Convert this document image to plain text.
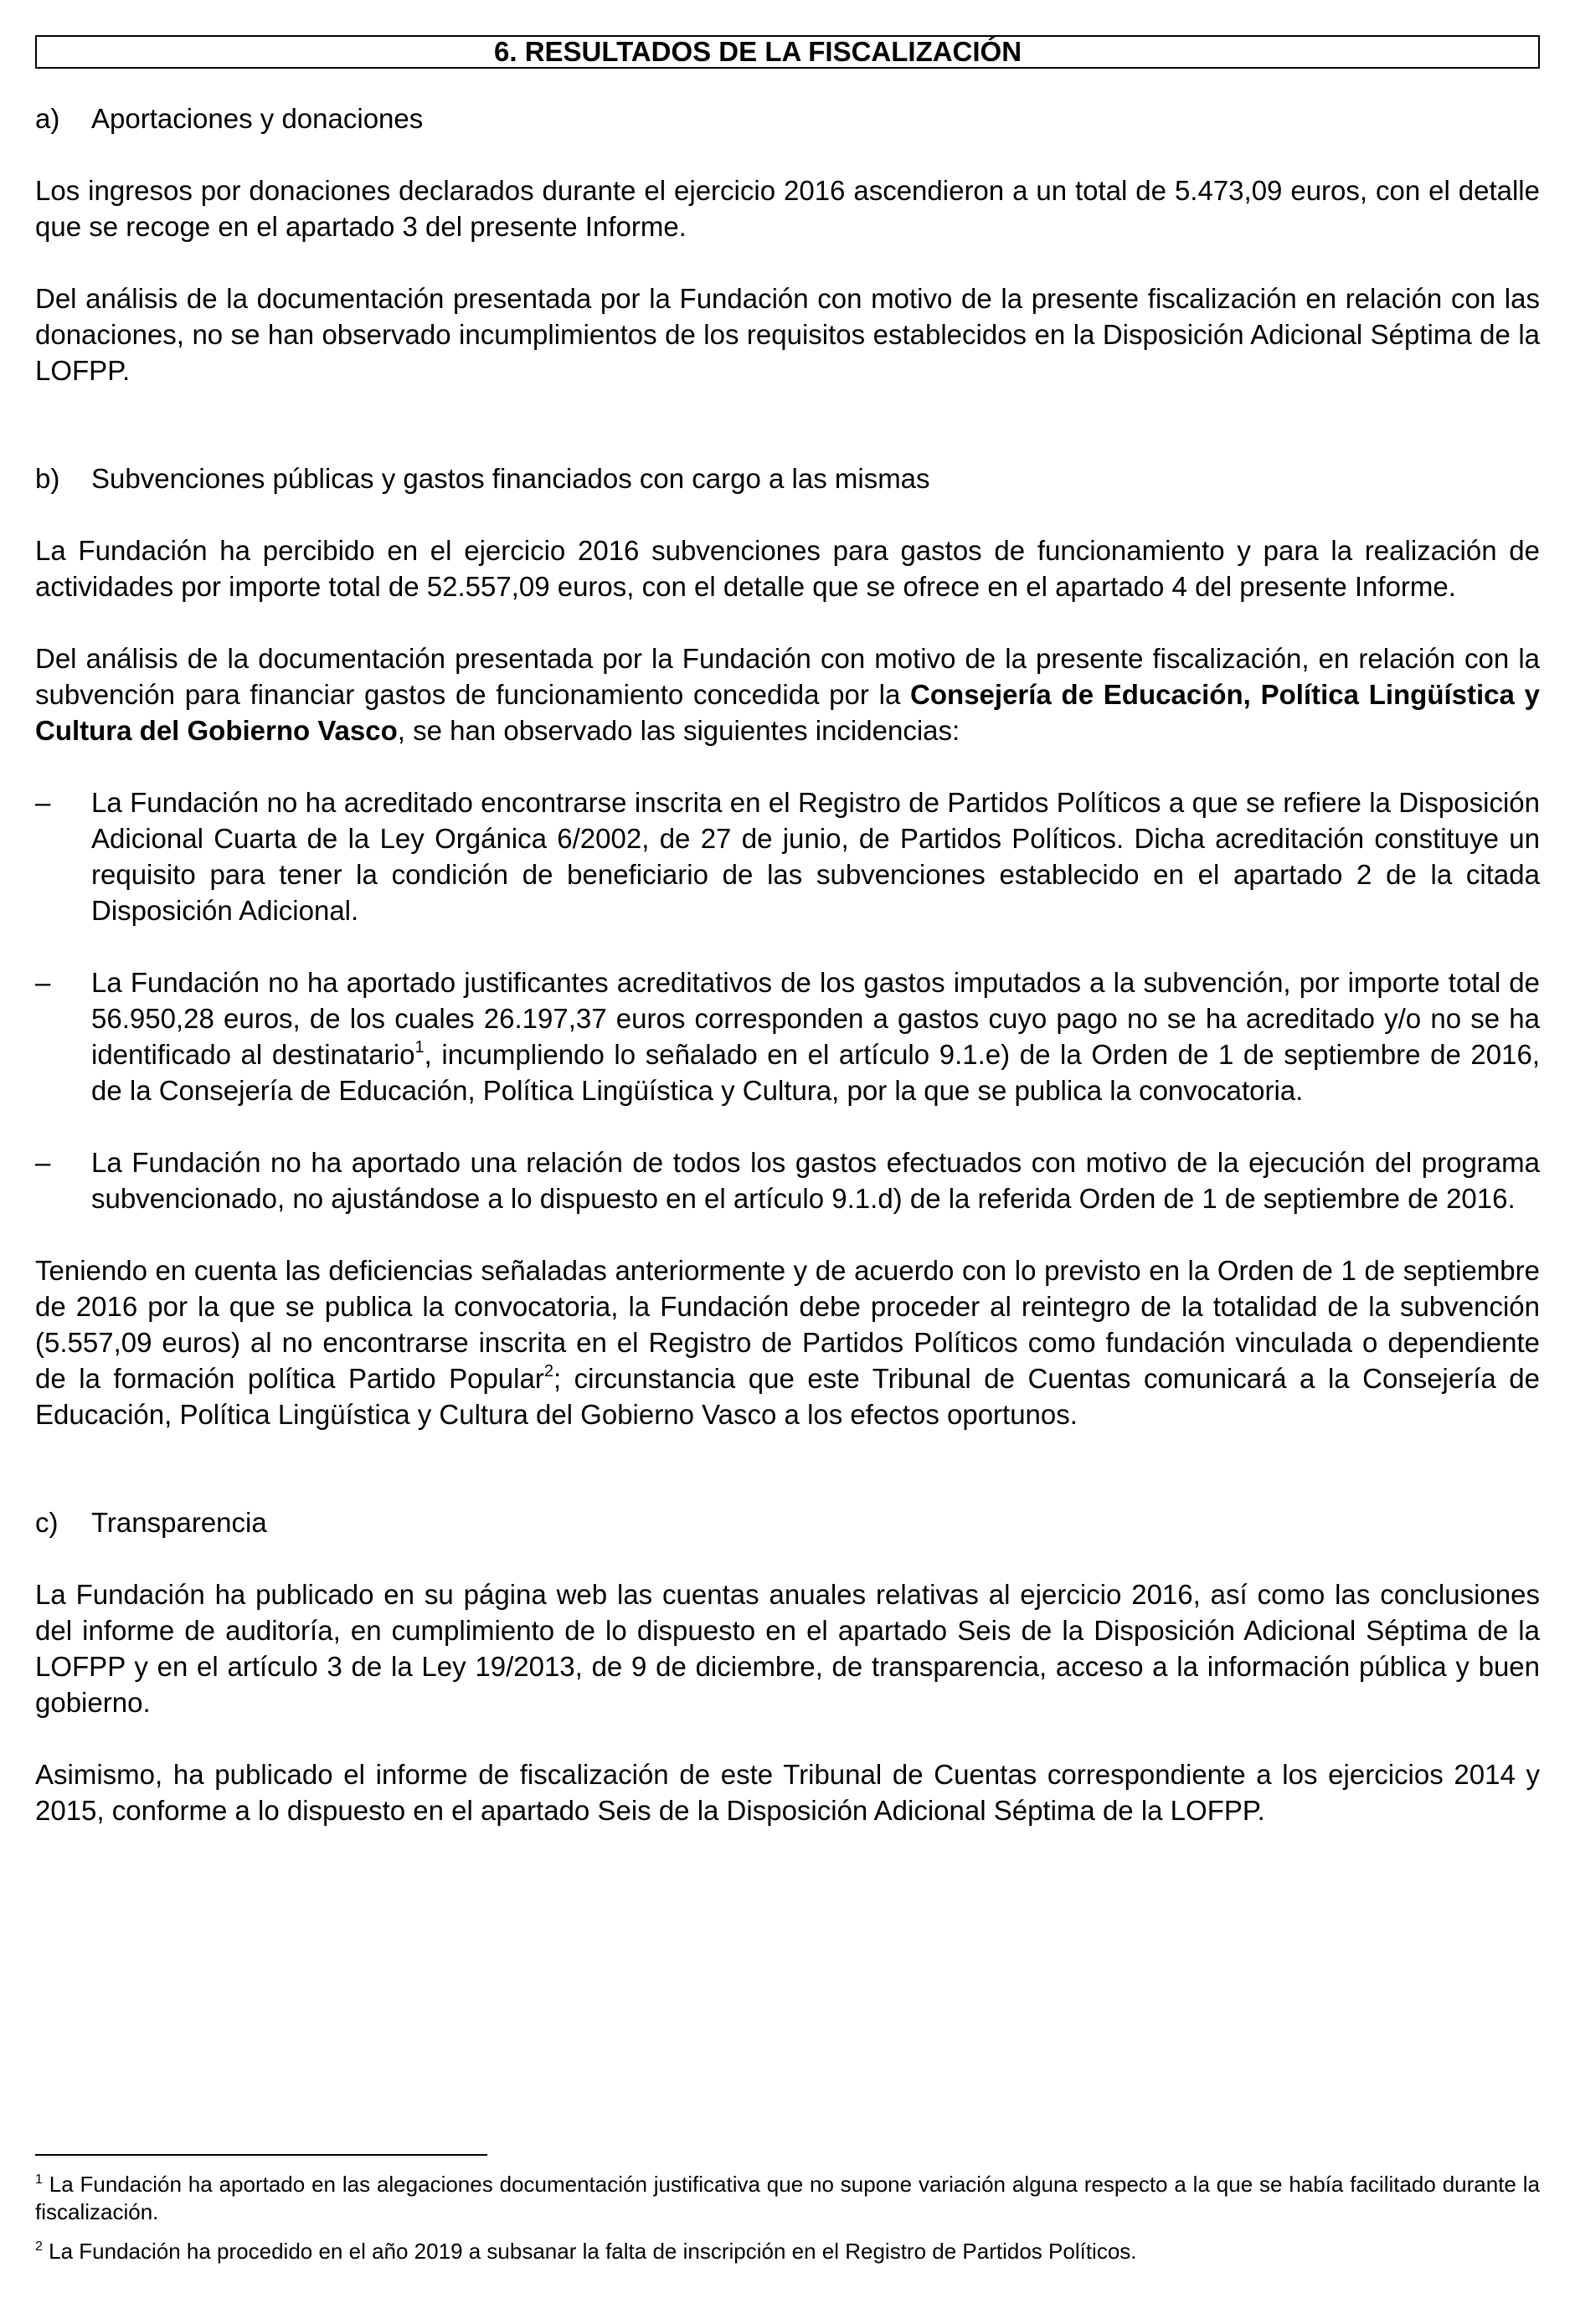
6. RESULTADOS DE LA FISCALIZACIÓN
a)	Aportaciones y donaciones

Los ingresos por donaciones declarados durante el ejercicio 2016 ascendieron a un total de 5.473,09 euros, con el detalle que se recoge en el apartado 3 del presente Informe.

Del análisis de la documentación presentada por la Fundación con motivo de la presente fiscalización en relación con las donaciones, no se han observado incumplimientos de los requisitos establecidos en la Disposición Adicional Séptima de la LOFPP.

b)	Subvenciones públicas y gastos financiados con cargo a las mismas

La Fundación ha percibido en el ejercicio 2016 subvenciones para gastos de funcionamiento y para la realización de actividades por importe total de 52.557,09 euros, con el detalle que se ofrece en el apartado 4 del presente Informe.

Del análisis de la documentación presentada por la Fundación con motivo de la presente fiscalización, en relación con la subvención para financiar gastos de funcionamiento concedida por la Consejería de Educación, Política Lingüística y Cultura del Gobierno Vasco, se han observado las siguientes incidencias:

–	La Fundación no ha acreditado encontrarse inscrita en el Registro de Partidos Políticos a que se refiere la Disposición Adicional Cuarta de la Ley Orgánica 6/2002, de 27 de junio, de Partidos Políticos. Dicha acreditación constituye un requisito para tener la condición de beneficiario de las subvenciones establecido en el apartado 2 de la citada Disposición Adicional.
–	La Fundación no ha aportado justificantes acreditativos de los gastos imputados a la subvención, por importe total de 56.950,28 euros, de los cuales 26.197,37 euros corresponden a gastos cuyo pago no se ha acreditado y/o no se ha identificado al destinatario$^1$, incumpliendo lo señalado en el artículo 9.1.e) de la Orden de 1 de septiembre de 2016, de la Consejería de Educación, Política Lingüística y Cultura, por la que se publica la convocatoria.
–	La Fundación no ha aportado una relación de todos los gastos efectuados con motivo de la ejecución del programa subvencionado, no ajustándose a lo dispuesto en el artículo 9.1.d) de la referida Orden de 1 de septiembre de 2016.

Teniendo en cuenta las deficiencias señaladas anteriormente y de acuerdo con lo previsto en la Orden de 1 de septiembre de 2016 por la que se publica la convocatoria, la Fundación debe proceder al reintegro de la totalidad de la subvención (5.557,09 euros) al no encontrarse inscrita en el Registro de Partidos Políticos como fundación vinculada o dependiente de la formación política Partido Popular$^2$; circunstancia que este Tribunal de Cuentas comunicará a la Consejería de Educación, Política Lingüística y Cultura del Gobierno Vasco a los efectos oportunos.

c)	Transparencia

La Fundación ha publicado en su página web las cuentas anuales relativas al ejercicio 2016, así como las conclusiones del informe de auditoría, en cumplimiento de lo dispuesto en el apartado Seis de la Disposición Adicional Séptima de la LOFPP y en el artículo 3 de la Ley 19/2013, de 9 de diciembre, de transparencia, acceso a la información pública y buen gobierno.

Asimismo, ha publicado el informe de fiscalización de este Tribunal de Cuentas correspondiente a los ejercicios 2014 y 2015, conforme a lo dispuesto en el apartado Seis de la Disposición Adicional Séptima de la LOFPP.

$^1$ La Fundación ha aportado en las alegaciones documentación justificativa que no supone variación alguna respecto a la que se había facilitado durante la fiscalización.

$^2$ La Fundación ha procedido en el año 2019 a subsanar la falta de inscripción en el Registro de Partidos Políticos.
